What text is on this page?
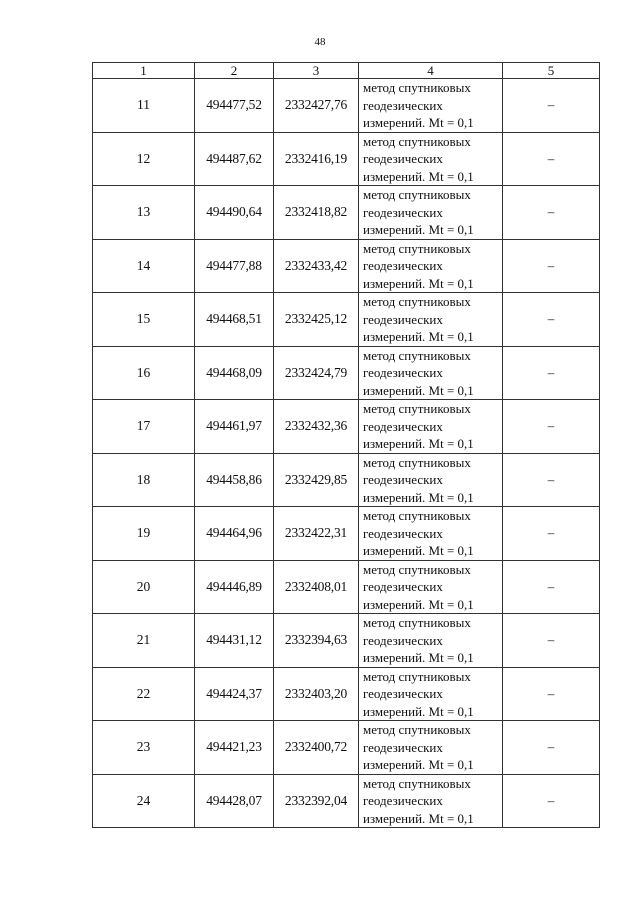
48
1	2	3	4	5
11	494477,52	2332427,76	метод спутниковых
геодезических
измерений. Mt = 0,1	–
12	494487,62	2332416,19	метод спутниковых
геодезических
измерений. Mt = 0,1	–
13	494490,64	2332418,82	метод спутниковых
геодезических
измерений. Mt = 0,1	–
14	494477,88	2332433,42	метод спутниковых
геодезических
измерений. Mt = 0,1	–
15	494468,51	2332425,12	метод спутниковых
геодезических
измерений. Mt = 0,1	–
16	494468,09	2332424,79	метод спутниковых
геодезических
измерений. Mt = 0,1	–
17	494461,97	2332432,36	метод спутниковых
геодезических
измерений. Mt = 0,1	–
18	494458,86	2332429,85	метод спутниковых
геодезических
измерений. Mt = 0,1	–
19	494464,96	2332422,31	метод спутниковых
геодезических
измерений. Mt = 0,1	–
20	494446,89	2332408,01	метод спутниковых
геодезических
измерений. Mt = 0,1	–
21	494431,12	2332394,63	метод спутниковых
геодезических
измерений. Mt = 0,1	–
22	494424,37	2332403,20	метод спутниковых
геодезических
измерений. Mt = 0,1	–
23	494421,23	2332400,72	метод спутниковых
геодезических
измерений. Mt = 0,1	–
24	494428,07	2332392,04	метод спутниковых
геодезических
измерений. Mt = 0,1	–
